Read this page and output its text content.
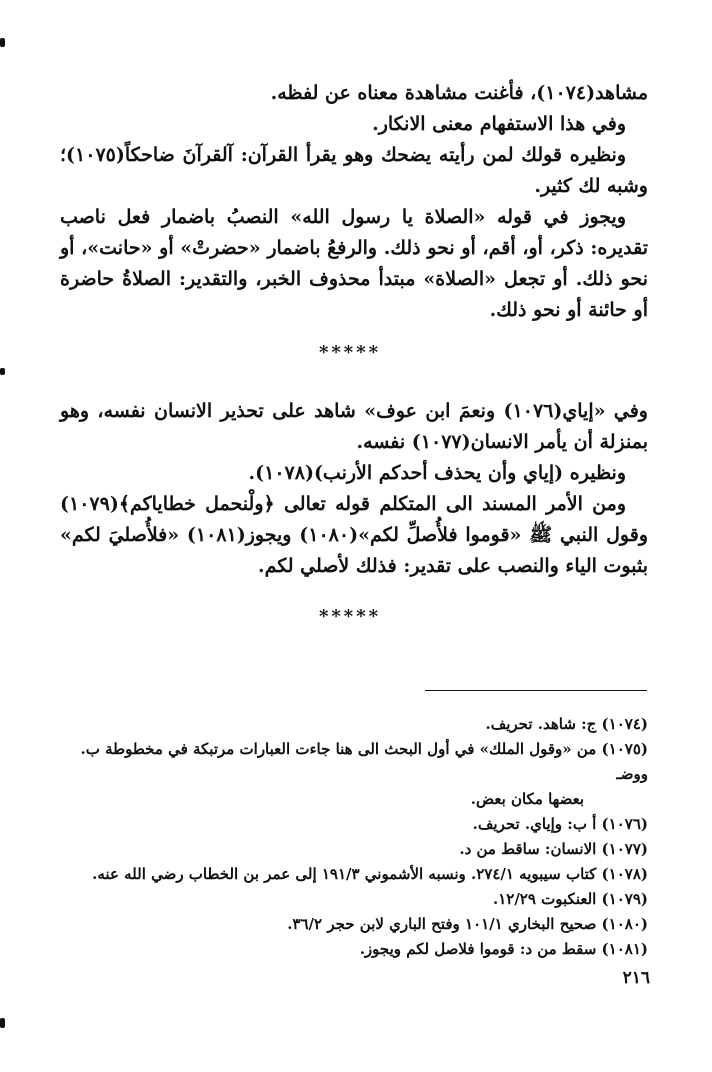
مشاهد(١٠٧٤)، فأغنت مشاهدة معناه عن لفظه.

وفي هذا الاستفهام معنى الانكار.

ونظيره قولك لمن رأيته يضحك وهو يقرأ القرآن: آلقرآنَ ضاحكاً(١٠٧٥)؛ وشبه لك كثير.

ويجوز في قوله «الصلاة يا رسول الله» النصبُ باضمار فعل ناصب تقديره: ذكر، أو، أقم، أو نحو ذلك. والرفعُ باضمار «حضرتْ» أو «حانت»، أو نحو ذلك. أو تجعل «الصلاة» مبتدأ محذوف الخبر، والتقدير: الصلاةُ حاضرة أو حائنة أو نحو ذلك.

*****

وفي «إياي(١٠٧٦) ونعمَ ابن عوف» شاهد على تحذير الانسان نفسه، وهو بمنزلة أن يأمر الانسان(١٠٧٧) نفسه.

ونظيره (إياي وأن يحذف أحدكم الأرنب)(١٠٧٨).

ومن الأمر المسند الى المتكلم قوله تعالى ﴿ولْنحمل خطاياكم﴾(١٠٧٩) وقول النبي ﷺ «قوموا فلأُصلِّ لكم»(١٠٨٠) ويجوز(١٠٨١) «فلأُصليَ لكم» بثبوت الياء والنصب على تقدير: فذلك لأصلي لكم.

*****

(١٠٧٤) ج: شاهد. تحريف.

(١٠٧٥) من «وقول الملك» في أول البحث الى هنا جاءت العبارات مرتبكة في مخطوطة ب. ووضـ

بعضها مكان بعض.

(١٠٧٦) أ ب: وإياي. تحريف.

(١٠٧٧) الانسان: ساقط من د.

(١٠٧٨) كتاب سيبويه ٢٧٤/١. ونسبه الأشموني ١٩١/٣ إلى عمر بن الخطاب رضي الله عنه.

(١٠٧٩) العنكبوت ١٢/٢٩.

(١٠٨٠) صحيح البخاري ١٠١/١ وفتح الباري لابن حجر ٣٦/٢.

(١٠٨١) سقط من د: قوموا فلاصل لكم ويجوز.

٢١٦
